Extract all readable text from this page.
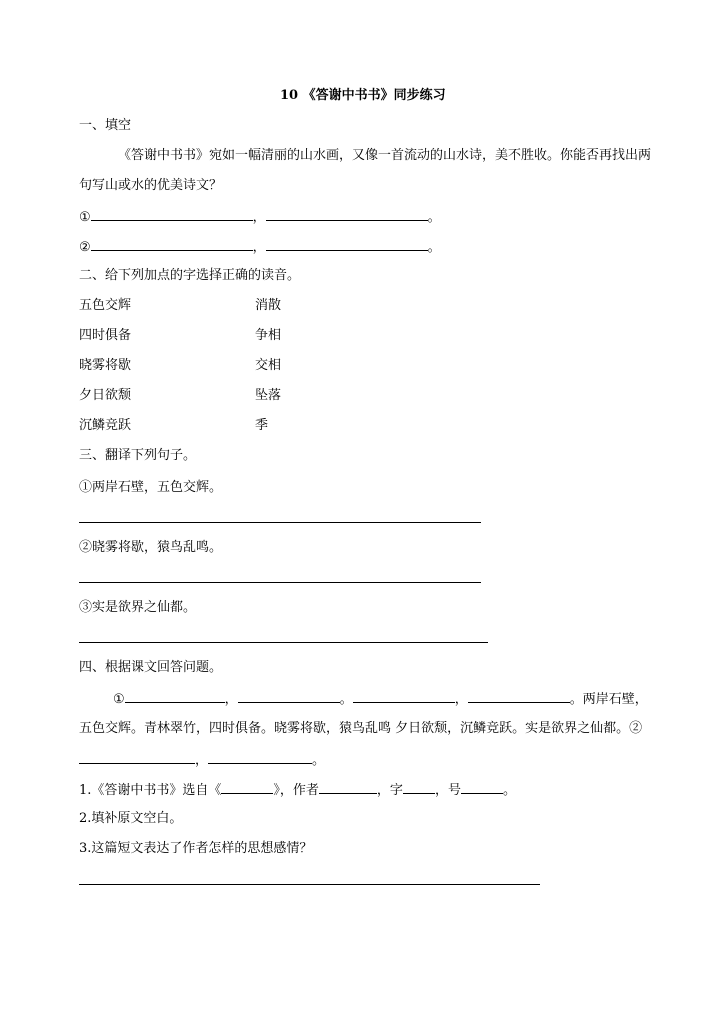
10 《答谢中书书》同步练习
一、填空
《答谢中书书》宛如一幅清丽的山水画，又像一首流动的山水诗，美不胜收。你能否再找出两
句写山或水的优美诗文？
①	，	。
②	，	。
二、给下列加点的字选择正确的读音。
五色交辉	消散
四时俱备	争相
晓雾将歇	交相
夕日欲颓	坠落
沉鳞竞跃	季
三、翻译下列句子。
①两岸石壁，五色交辉。
②晓雾将歇，猿鸟乱鸣。
③实是欲界之仙都。
四、根据课文回答问题。
①	，	。	，	。两岸石壁，
五色交辉。青林翠竹，四时俱备。晓雾将歇，猿鸟乱鸣 夕日欲颓，沉鳞竞跃。实是欲界之仙都。②
，	。
1.《答谢中书书》选自《	》，作者	，字 ，号	。
2.填补原文空白。
3.这篇短文表达了作者怎样的思想感情？
